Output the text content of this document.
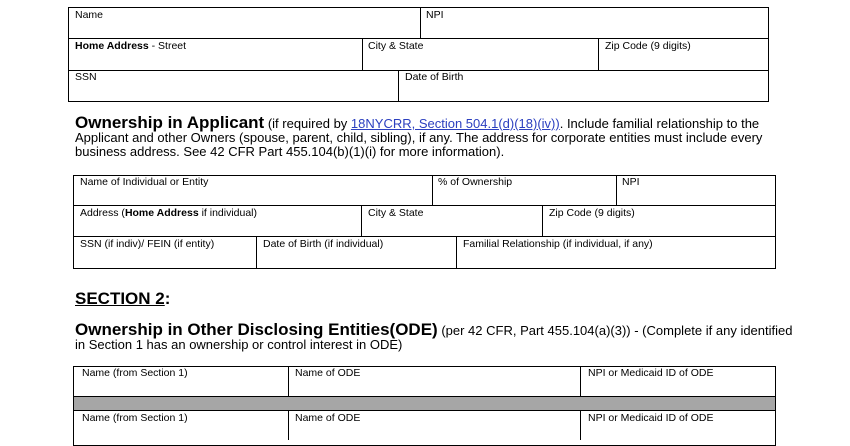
Name	NPI
Home Address - Street	City & State	Zip Code (9 digits)
SSN	Date of Birth
Ownership in Applicant (if required by 18NYCRR, Section 504.1(d)(18)(iv)). Include familial relationship to the Applicant and other Owners (spouse, parent, child, sibling), if any. The address for corporate entities must include every business address. See 42 CFR Part 455.104(b)(1)(i) for more information).
Name of Individual or Entity	% of Ownership	NPI
Address (Home Address if individual)	City & State	Zip Code (9 digits)
SSN (if indiv)/ FEIN (if entity)	Date of Birth (if individual)	Familial Relationship (if individual, if any)
SECTION 2:
Ownership in Other Disclosing Entities(ODE) (per 42 CFR, Part 455.104(a)(3)) - (Complete if any identified in Section 1 has an ownership or control interest in ODE)
Name (from Section 1)	Name of ODE	NPI or Medicaid ID of ODE
Name (from Section 1)	Name of ODE	NPI or Medicaid ID of ODE
